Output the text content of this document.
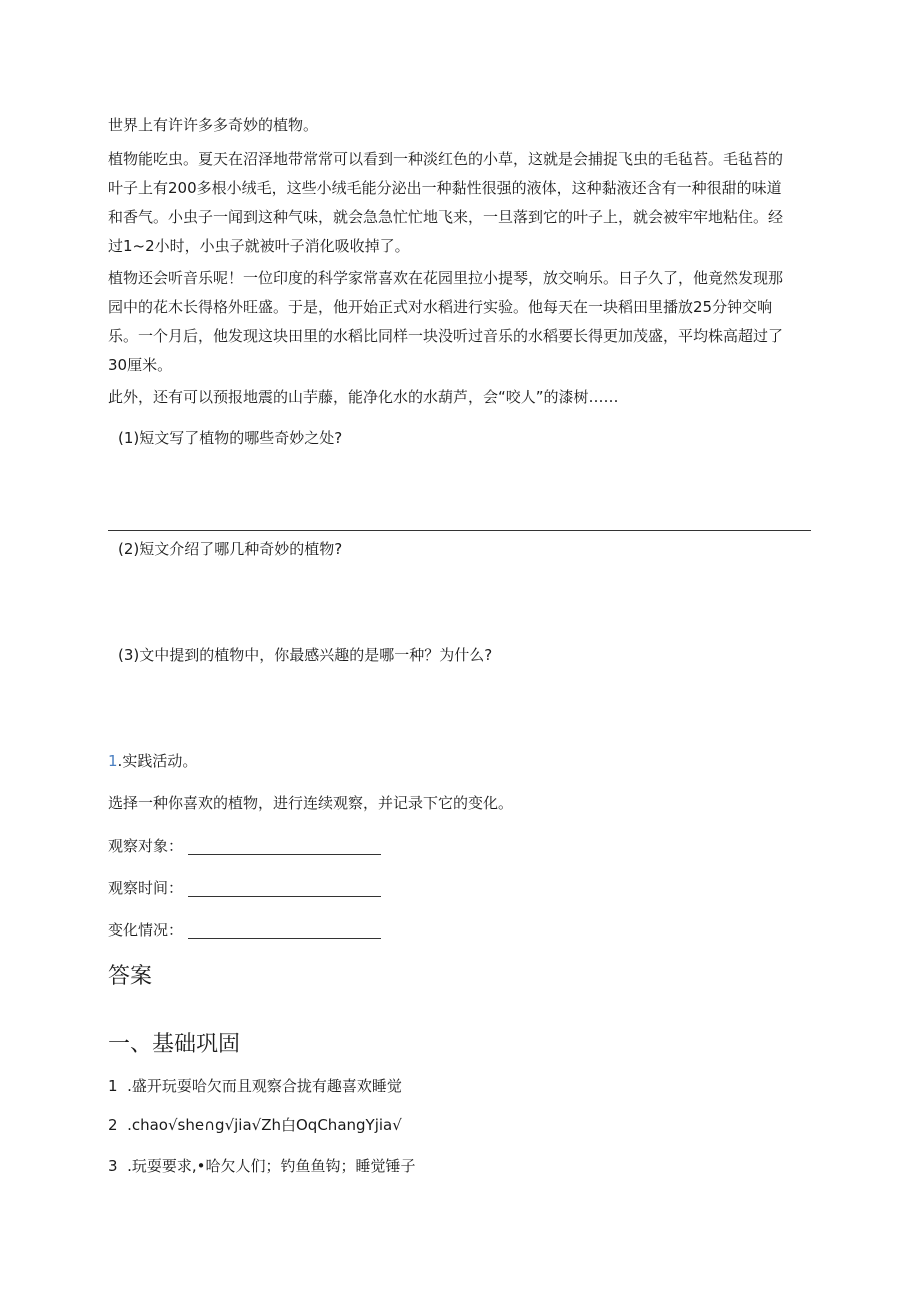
世界上有许许多多奇妙的植物。

植物能吃虫。夏天在沼泽地带常常可以看到一种淡红色的小草，这就是会捕捉飞虫的毛毡苔。毛毡苔的

叶子上有200多根小绒毛，这些小绒毛能分泌出一种黏性很强的液体，这种黏液还含有一种很甜的味道

和香气。小虫子一闻到这种气味，就会急急忙忙地飞来，一旦落到它的叶子上，就会被牢牢地粘住。经

过1~2小时，小虫子就被叶子消化吸收掉了。

植物还会听音乐呢！一位印度的科学家常喜欢在花园里拉小提琴，放交响乐。日子久了，他竟然发现那

园中的花木长得格外旺盛。于是，他开始正式对水稻进行实验。他每天在一块稻田里播放25分钟交响

乐。一个月后，他发现这块田里的水稻比同样一块没听过音乐的水稻要长得更加茂盛，平均株高超过了

30厘米。

此外，还有可以预报地震的山芋藤，能净化水的水葫芦，会“咬人”的漆树……

(1)短文写了植物的哪些奇妙之处?
(2)短文介绍了哪几种奇妙的植物?
(3)文中提到的植物中，你最感兴趣的是哪一种？为什么?
1.实践活动。
选择一种你喜欢的植物，进行连续观察，并记录下它的变化。
观察对象：
观察时间：
变化情况：
答案
一、基础巩固
1  .盛开玩耍哈欠而且观察合拢有趣喜欢睡觉
2  .chao√she∩g√jia√Zh白OqChangYjia√
3  .玩耍要求,•哈欠人们；钓鱼鱼钩；睡觉锤子
